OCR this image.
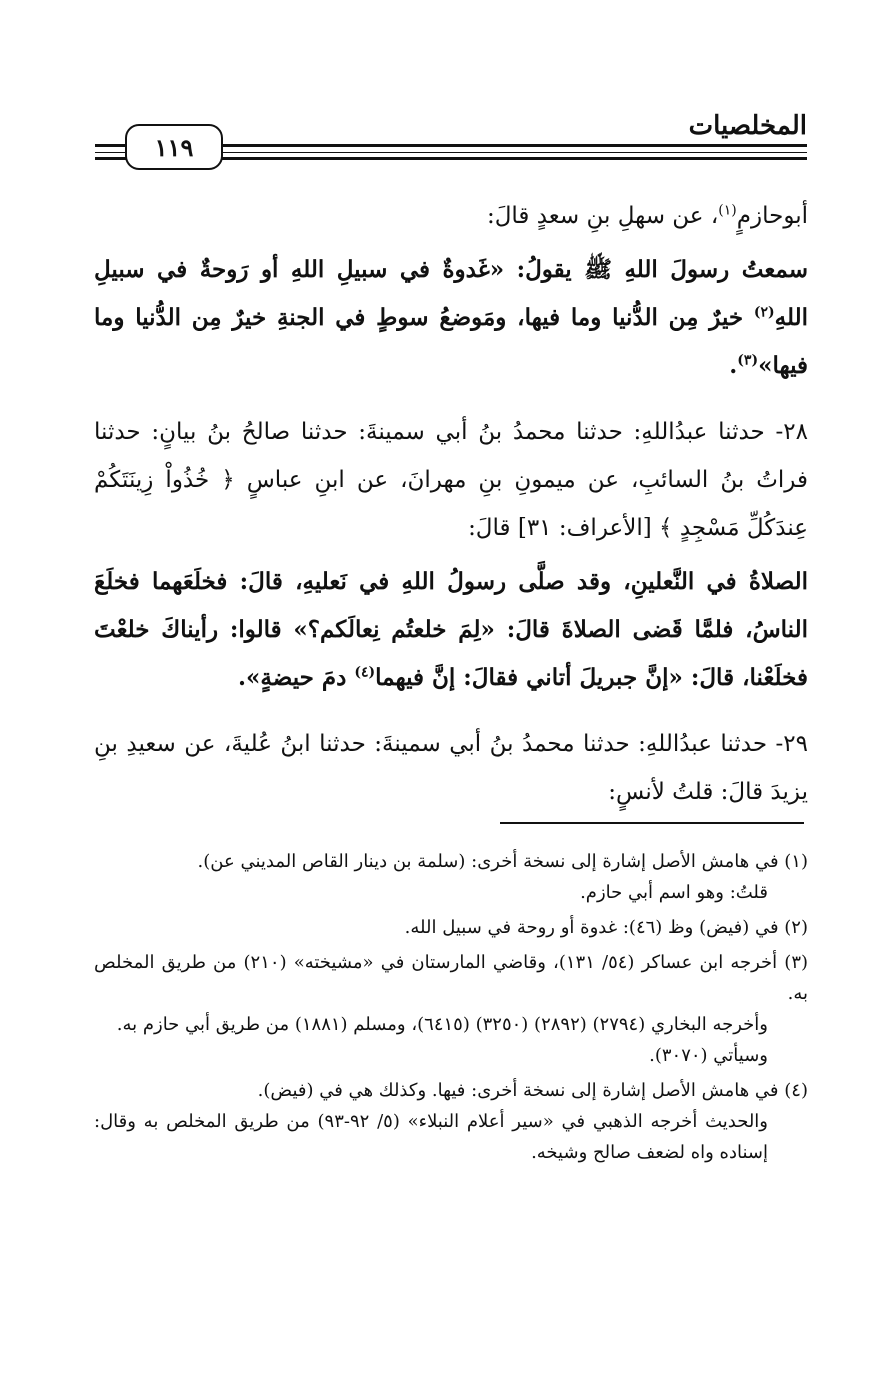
المخلصيات
١١٩

أبوحازمٍ$^{(١)}$، عن سهلِ بنِ سعدٍ قالَ:

سمعتُ رسولَ اللهِ ﷺ يقولُ: «غَدوةٌ في سبيلِ اللهِ أو رَوحةٌ في سبيلِ اللهِ$^{(٢)}$ خيرٌ مِن الدُّنيا وما فيها، ومَوضعُ سوطٍ في الجنةِ خيرٌ مِن الدُّنيا وما فيها»$^{(٣)}$.

٢٨- حدثنا عبدُاللهِ: حدثنا محمدُ بنُ أبي سمينةَ: حدثنا صالحُ بنُ بيانٍ: حدثنا فراتُ بنُ السائبِ، عن ميمونِ بنِ مهرانَ، عن ابنِ عباسٍ ﴿ خُذُواْ زِينَتَكُمْ عِندَكُلِّ مَسْجِدٍ ﴾ [الأعراف: ٣١] قالَ:

الصلاةُ في النَّعلينِ، وقد صلَّى رسولُ اللهِ في نَعليهِ، قالَ: فخلَعَهما فخلَعَ الناسُ، فلمَّا قَضى الصلاةَ قالَ: «لِمَ خلعتُم نِعالَكم؟» قالوا: رأيناكَ خلعْتَ فخلَعْنا، قالَ: «إنَّ جبريلَ أتاني فقالَ: إنَّ فيهما$^{(٤)}$ دمَ حيضةٍ».

٢٩- حدثنا عبدُاللهِ: حدثنا محمدُ بنُ أبي سمينةَ: حدثنا ابنُ عُليةَ، عن سعيدِ بنِ يزيدَ قالَ: قلتُ لأنسٍ:

(١) في هامش الأصل إشارة إلى نسخة أخرى: (سلمة بن دينار القاص المديني عن).
قلتُ: وهو اسم أبي حازم.
(٢) في (فيض) وظ (٤٦): غدوة أو روحة في سبيل الله.
(٣) أخرجه ابن عساكر (٥٤/ ١٣١)، وقاضي المارستان في «مشيخته» (٢١٠) من طريق المخلص به.
وأخرجه البخاري (٢٧٩٤) (٢٨٩٢) (٣٢٥٠) (٦٤١٥)، ومسلم (١٨٨١) من طريق أبي حازم به.
وسيأتي (٣٠٧٠).
(٤) في هامش الأصل إشارة إلى نسخة أخرى: فيها. وكذلك هي في (فيض).
والحديث أخرجه الذهبي في «سير أعلام النبلاء» (٥/ ٩٢-٩٣) من طريق المخلص به وقال: إسناده واه لضعف صالح وشيخه.
